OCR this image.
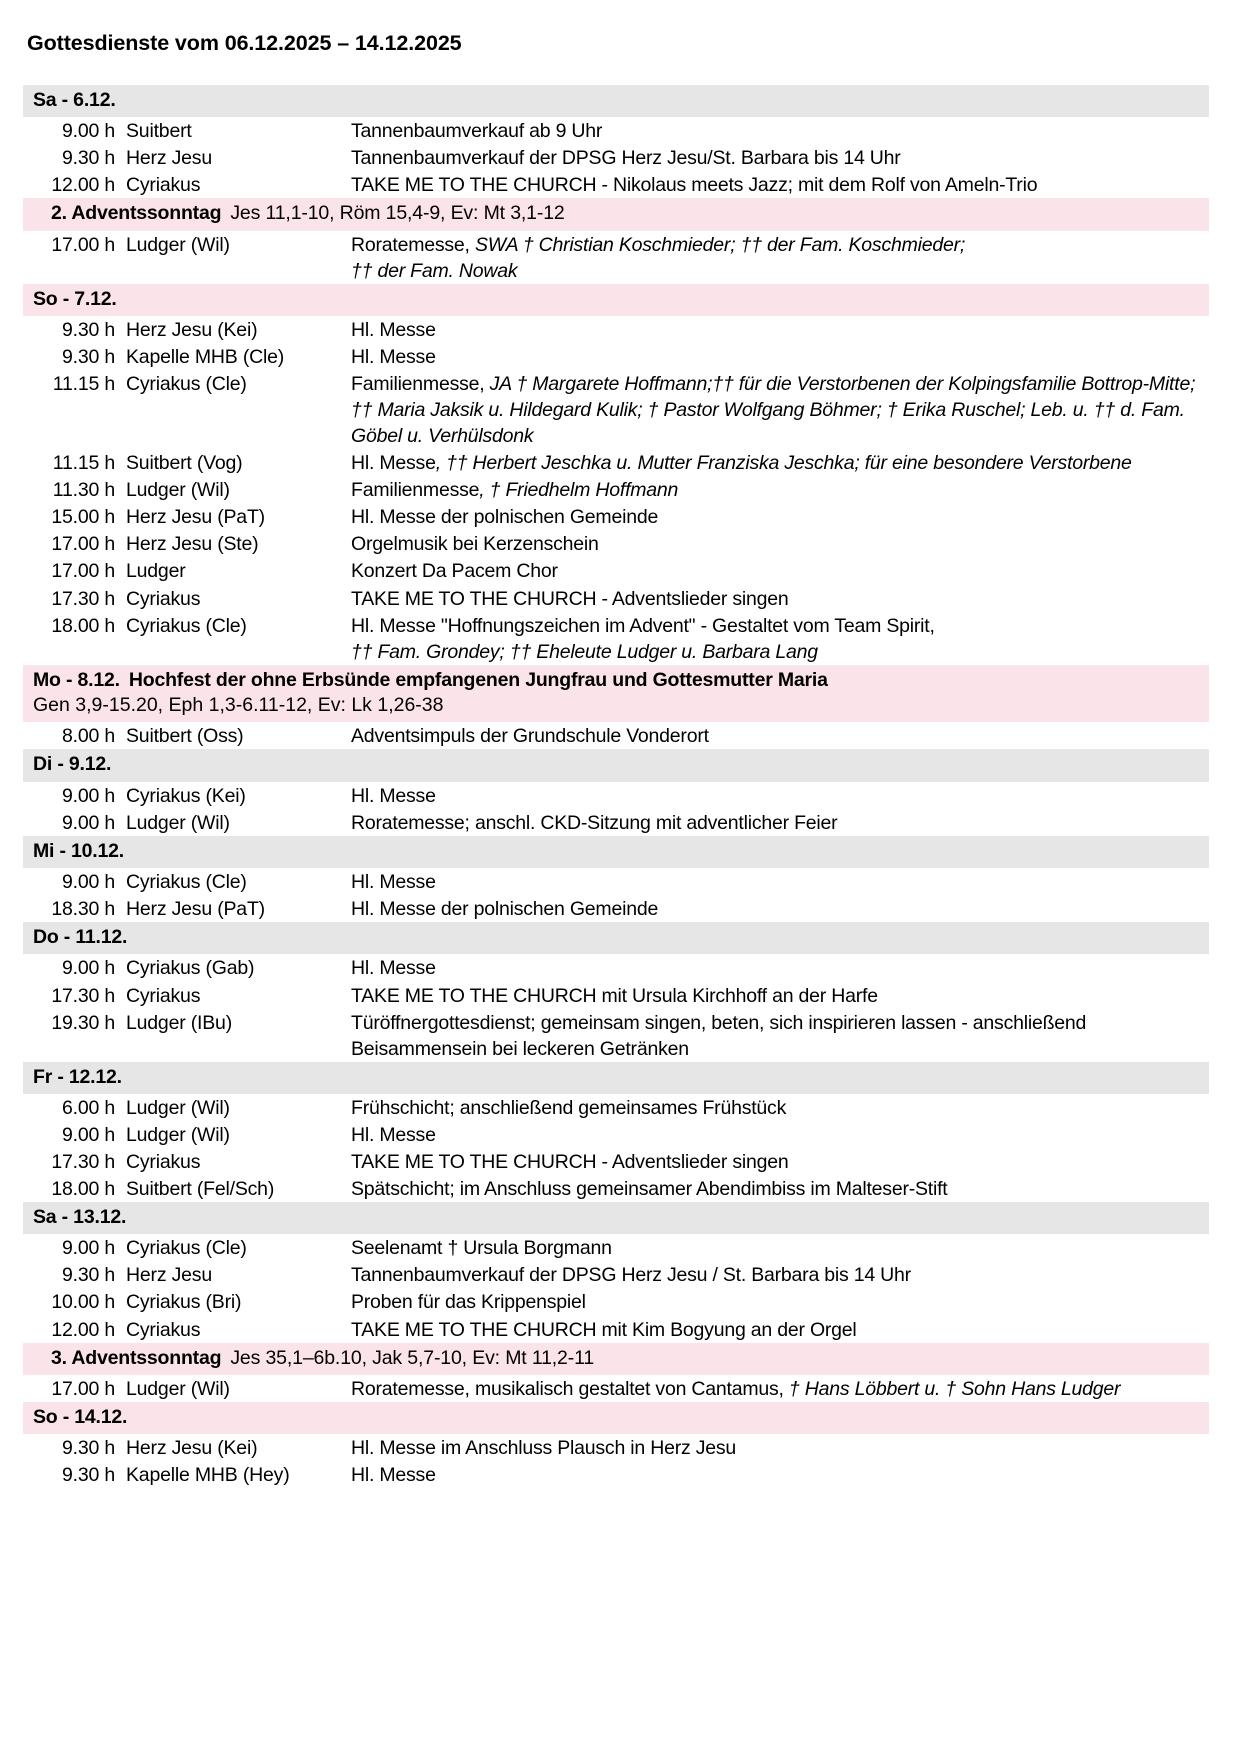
Gottesdienste vom 06.12.2025 – 14.12.2025
Sa - 6.12.
9.00 h Suitbert	Tannenbaumverkauf ab 9 Uhr
9.30 h Herz Jesu	Tannenbaumverkauf der DPSG Herz Jesu/St. Barbara bis 14 Uhr
12.00 h Cyriakus	TAKE ME TO THE CHURCH - Nikolaus meets Jazz; mit dem Rolf von Ameln-Trio
2. Adventssonntag Jes 11,1-10, Röm 15,4-9, Ev: Mt 3,1-12
17.00 h Ludger (Wil)	Roratemesse, SWA † Christian Koschmieder; †† der Fam. Koschmieder;
†† der Fam. Nowak
So - 7.12.
9.30 h Herz Jesu (Kei)	Hl. Messe
9.30 h Kapelle MHB (Cle)	Hl. Messe
11.15 h Cyriakus (Cle)	Familienmesse, JA † Margarete Hoffmann;†† für die Verstorbenen der Kolpingsfamilie Bottrop-Mitte; †† Maria Jaksik u. Hildegard Kulik; † Pastor Wolfgang Böhmer; † Erika Ruschel; Leb. u. †† d. Fam. Göbel u. Verhülsdonk
11.15 h Suitbert (Vog)	Hl. Messe, †† Herbert Jeschka u. Mutter Franziska Jeschka; für eine besondere Verstorbene
11.30 h Ludger (Wil)	Familienmesse, † Friedhelm Hoffmann
15.00 h Herz Jesu (PaT)	Hl. Messe der polnischen Gemeinde
17.00 h Herz Jesu (Ste)	Orgelmusik bei Kerzenschein
17.00 h Ludger	Konzert Da Pacem Chor
17.30 h Cyriakus	TAKE ME TO THE CHURCH - Adventslieder singen
18.00 h Cyriakus (Cle)	Hl. Messe "Hoffnungszeichen im Advent" - Gestaltet vom Team Spirit,
†† Fam. Grondey; †† Eheleute Ludger u. Barbara Lang
Mo - 8.12. Hochfest der ohne Erbsünde empfangenen Jungfrau und Gottesmutter Maria
Gen 3,9-15.20, Eph 1,3-6.11-12, Ev: Lk 1,26-38
8.00 h Suitbert (Oss)	Adventsimpuls der Grundschule Vonderort
Di - 9.12.
9.00 h Cyriakus (Kei)	Hl. Messe
9.00 h Ludger (Wil)	Roratemesse; anschl. CKD-Sitzung mit adventlicher Feier
Mi - 10.12.
9.00 h Cyriakus (Cle)	Hl. Messe
18.30 h Herz Jesu (PaT)	Hl. Messe der polnischen Gemeinde
Do - 11.12.
9.00 h Cyriakus (Gab)	Hl. Messe
17.30 h Cyriakus	TAKE ME TO THE CHURCH mit Ursula Kirchhoff an der Harfe
19.30 h Ludger (IBu)	Türöffnergottesdienst; gemeinsam singen, beten, sich inspirieren lassen - anschließend Beisammensein bei leckeren Getränken
Fr - 12.12.
6.00 h Ludger (Wil)	Frühschicht; anschließend gemeinsames Frühstück
9.00 h Ludger (Wil)	Hl. Messe
17.30 h Cyriakus	TAKE ME TO THE CHURCH - Adventslieder singen
18.00 h Suitbert (Fel/Sch)	Spätschicht; im Anschluss gemeinsamer Abendimbiss im Malteser-Stift
Sa - 13.12.
9.00 h Cyriakus (Cle)	Seelenamt † Ursula Borgmann
9.30 h Herz Jesu	Tannenbaumverkauf der DPSG Herz Jesu / St. Barbara bis 14 Uhr
10.00 h Cyriakus (Bri)	Proben für das Krippenspiel
12.00 h Cyriakus	TAKE ME TO THE CHURCH mit Kim Bogyung an der Orgel
3. Adventssonntag Jes 35,1–6b.10, Jak 5,7-10, Ev: Mt 11,2-11
17.00 h Ludger (Wil)	Roratemesse, musikalisch gestaltet von Cantamus, † Hans Löbbert u. † Sohn Hans Ludger
So - 14.12.
9.30 h Herz Jesu (Kei)	Hl. Messe im Anschluss Plausch in Herz Jesu
9.30 h Kapelle MHB (Hey)	Hl. Messe
